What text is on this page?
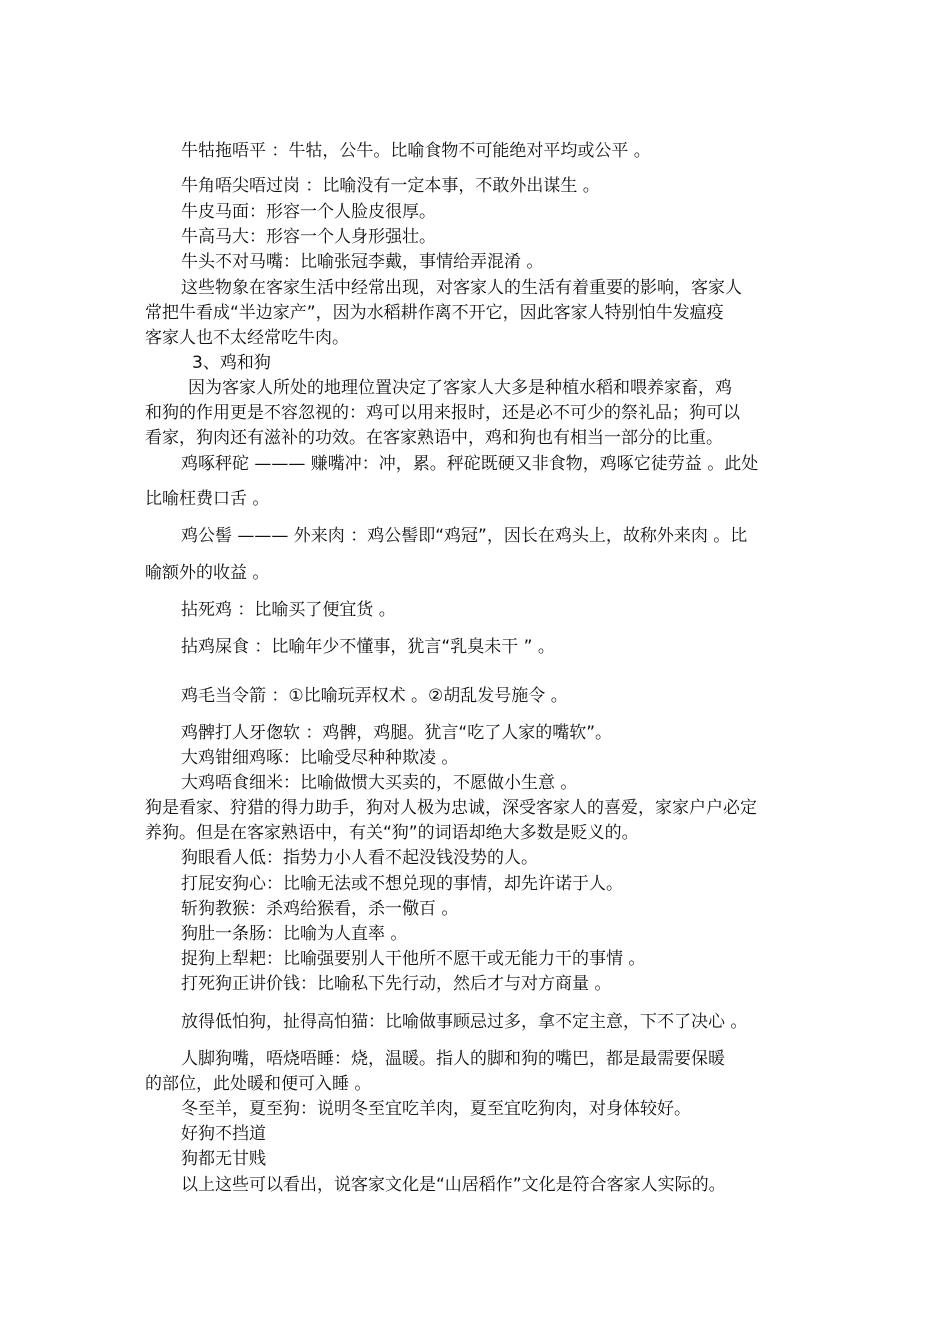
牛牯拖唔平 ：牛牯，公牛。比喻食物不可能绝对平均或公平 。

牛角唔尖唔过岗 ：比喻没有一定本事，不敢外出谋生 。

牛皮马面：形容一个人脸皮很厚。

牛高马大：形容一个人身形强壮。

牛头不对马嘴：比喻张冠李戴，事情给弄混淆 。

这些物象在客家生活中经常出现，对客家人的生活有着重要的影响，客家人

常把牛看成“半边家产”，因为水稻耕作离不开它，因此客家人特别怕牛发瘟疫

客家人也不太经常吃牛肉。

3、鸡和狗

因为客家人所处的地理位置决定了客家人大多是种植水稻和喂养家畜，鸡

和狗的作用更是不容忽视的：鸡可以用来报时，还是必不可少的祭礼品；狗可以

看家，狗肉还有滋补的功效。在客家熟语中，鸡和狗也有相当一部分的比重。

鸡啄秤砣 ——— 赚嘴冲：冲，累。秤砣既硬又非食物，鸡啄它徒劳益 。此处

比喻枉费口舌 。

鸡公髻 ——— 外来肉 ：鸡公髻即“鸡冠”，因长在鸡头上，故称外来肉 。比

喻额外的收益 。

拈死鸡 ：比喻买了便宜货 。

拈鸡屎食 ：比喻年少不懂事，犹言“乳臭未干 ” 。

鸡毛当令箭 ：①比喻玩弄权术 。②胡乱发号施令 。

鸡髀打人牙偬软 ：鸡髀，鸡腿。犹言“吃了人家的嘴软”。

大鸡钳细鸡啄：比喻受尽种种欺凌 。

大鸡唔食细米：比喻做惯大买卖的，不愿做小生意 。

狗是看家、狩猎的得力助手，狗对人极为忠诚，深受客家人的喜爱，家家户户必定

养狗。但是在客家熟语中，有关“狗”的词语却绝大多数是贬义的。

狗眼看人低：指势力小人看不起没钱没势的人。

打屁安狗心：比喻无法或不想兑现的事情，却先许诺于人。

斩狗教猴：杀鸡给猴看，杀一儆百 。

狗肚一条肠：比喻为人直率 。

捉狗上犁耙：比喻强要别人干他所不愿干或无能力干的事情 。

打死狗正讲价钱：比喻私下先行动，然后才与对方商量 。

放得低怕狗，扯得高怕猫：比喻做事顾忌过多，拿不定主意，下不了决心 。

人脚狗嘴，唔烧唔睡：烧，温暖。指人的脚和狗的嘴巴，都是最需要保暖

的部位，此处暖和便可入睡 。

冬至羊，夏至狗：说明冬至宜吃羊肉，夏至宜吃狗肉，对身体较好。

好狗不挡道

狗都无甘贱

以上这些可以看出，说客家文化是“山居稻作”文化是符合客家人实际的。
